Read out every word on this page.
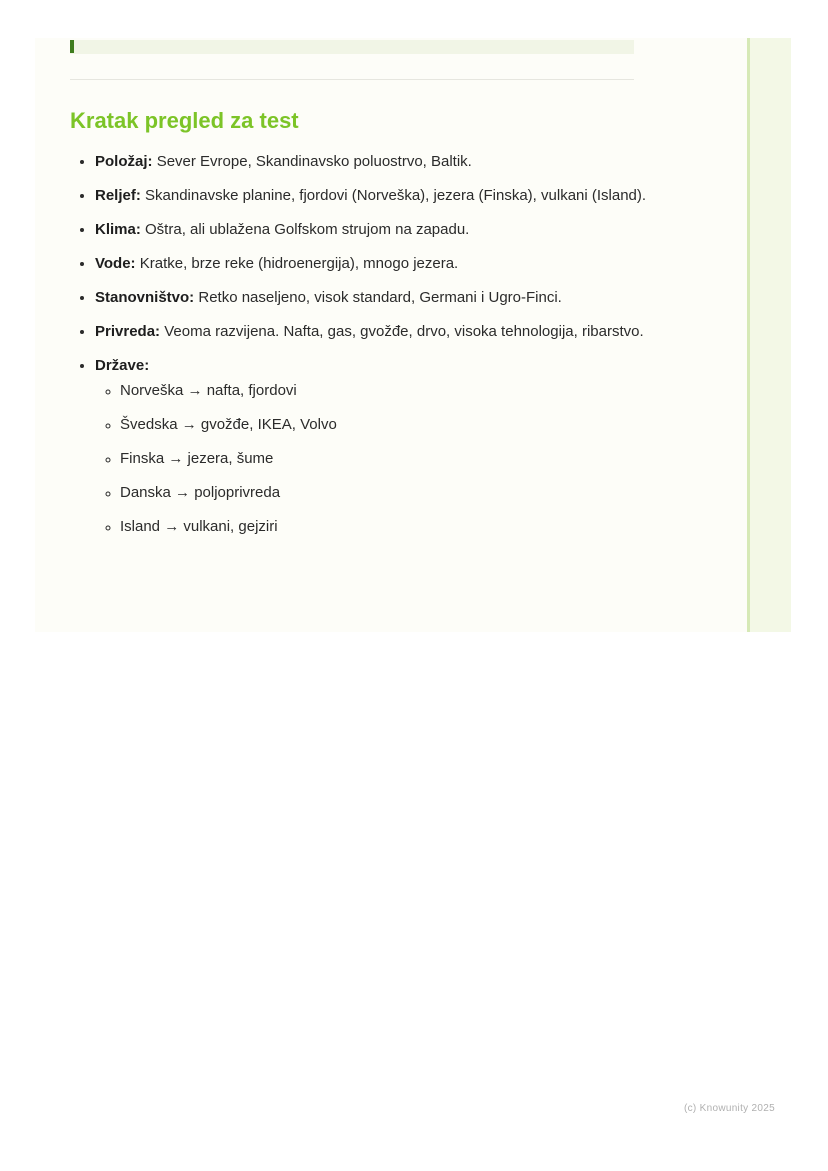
Kratak pregled za test
• Položaj: Sever Evrope, Skandinavsko poluostrvo, Baltik.
• Reljef: Skandinavske planine, fjordovi (Norveška), jezera (Finska), vulkani (Island).
• Klima: Oštra, ali ublažena Golfskom strujom na zapadu.
• Vode: Kratke, brze reke (hidroenergija), mnogo jezera.
• Stanovništvo: Retko naseljeno, visok standard, Germani i Ugro-Finci.
• Privreda: Veoma razvijena. Nafta, gas, gvožđe, drvo, visoka tehnologija, ribarstvo.
• Države:
◦ Norveška → nafta, fjordovi
◦ Švedska → gvožđe, IKEA, Volvo
◦ Finska → jezera, šume
◦ Danska → poljoprivreda
◦ Island → vulkani, gejziri
(c) Knowunity 2025
